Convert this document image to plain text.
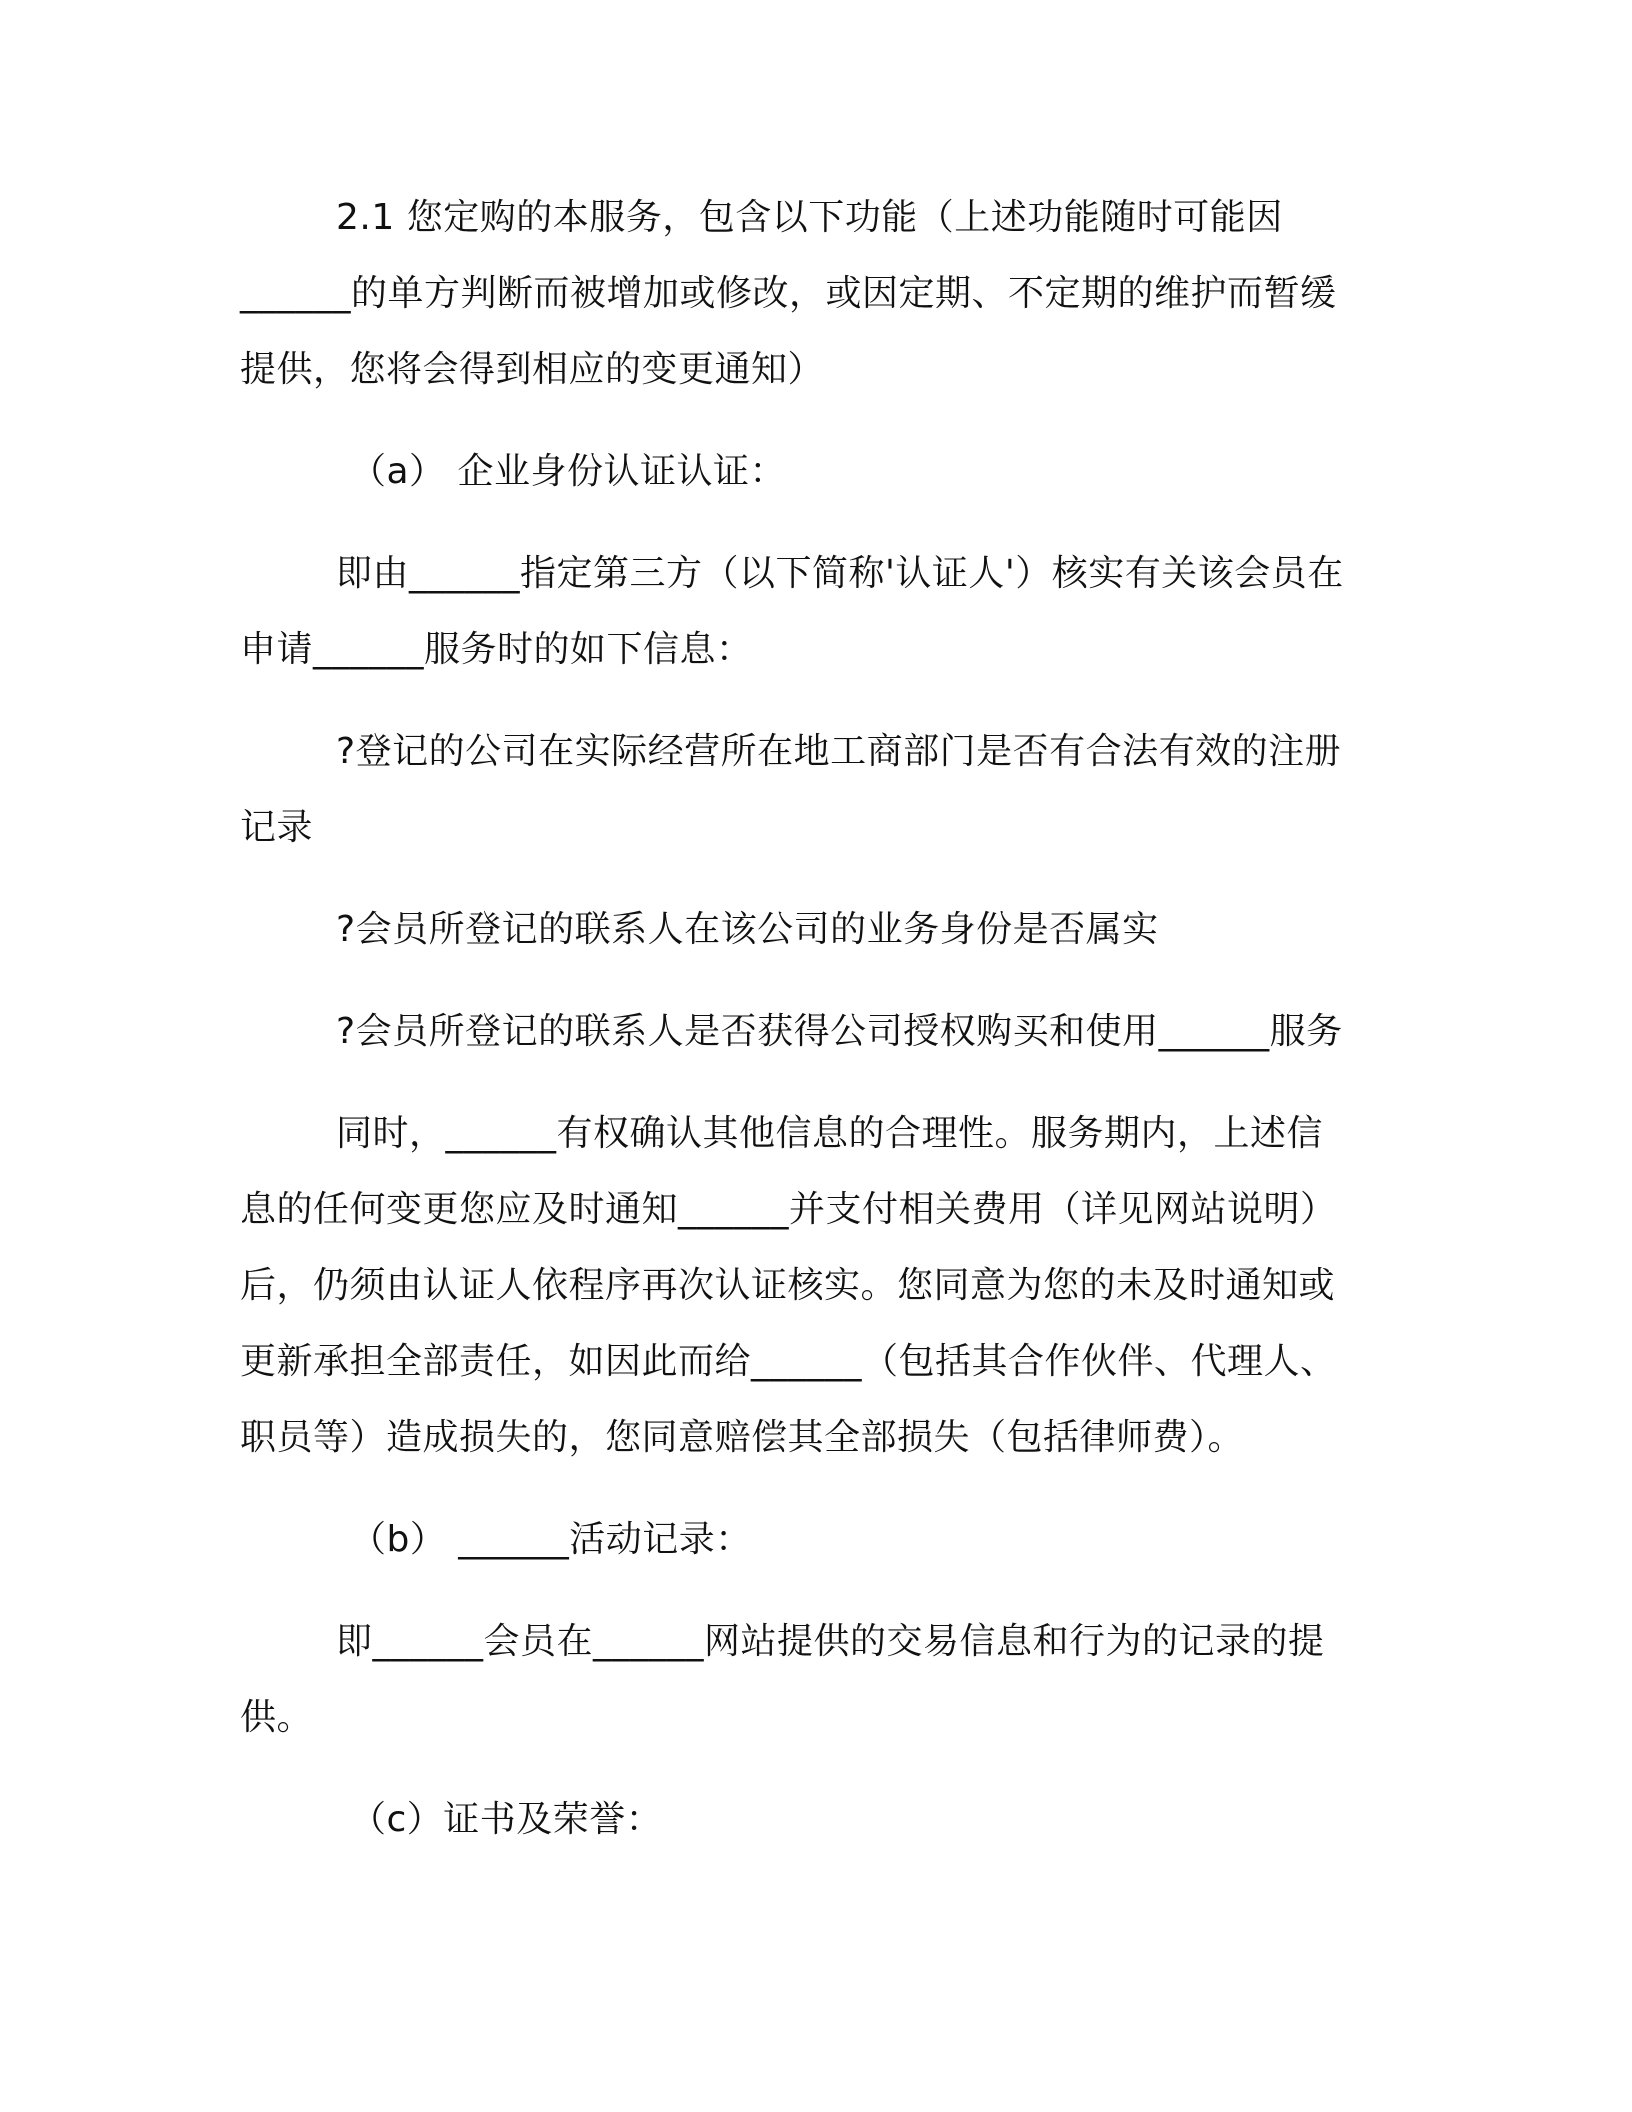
2.1 您定购的本服务，包含以下功能（上述功能随时可能因
______的单方判断而被增加或修改，或因定期、不定期的维护而暂缓
提供，您将会得到相应的变更通知）
（a） 企业身份认证认证：
即由______指定第三方（以下简称'认证人'）核实有关该会员在
申请______服务时的如下信息：
?登记的公司在实际经营所在地工商部门是否有合法有效的注册
记录
?会员所登记的联系人在该公司的业务身份是否属实
?会员所登记的联系人是否获得公司授权购买和使用______服务
同时，______有权确认其他信息的合理性。服务期内，上述信
息的任何变更您应及时通知______并支付相关费用（详见网站说明）
后，仍须由认证人依程序再次认证核实。您同意为您的未及时通知或
更新承担全部责任，如因此而给______（包括其合作伙伴、代理人、
职员等）造成损失的，您同意赔偿其全部损失（包括律师费）。
（b） ______活动记录：
即______会员在______网站提供的交易信息和行为的记录的提
供。
（c）证书及荣誉：
